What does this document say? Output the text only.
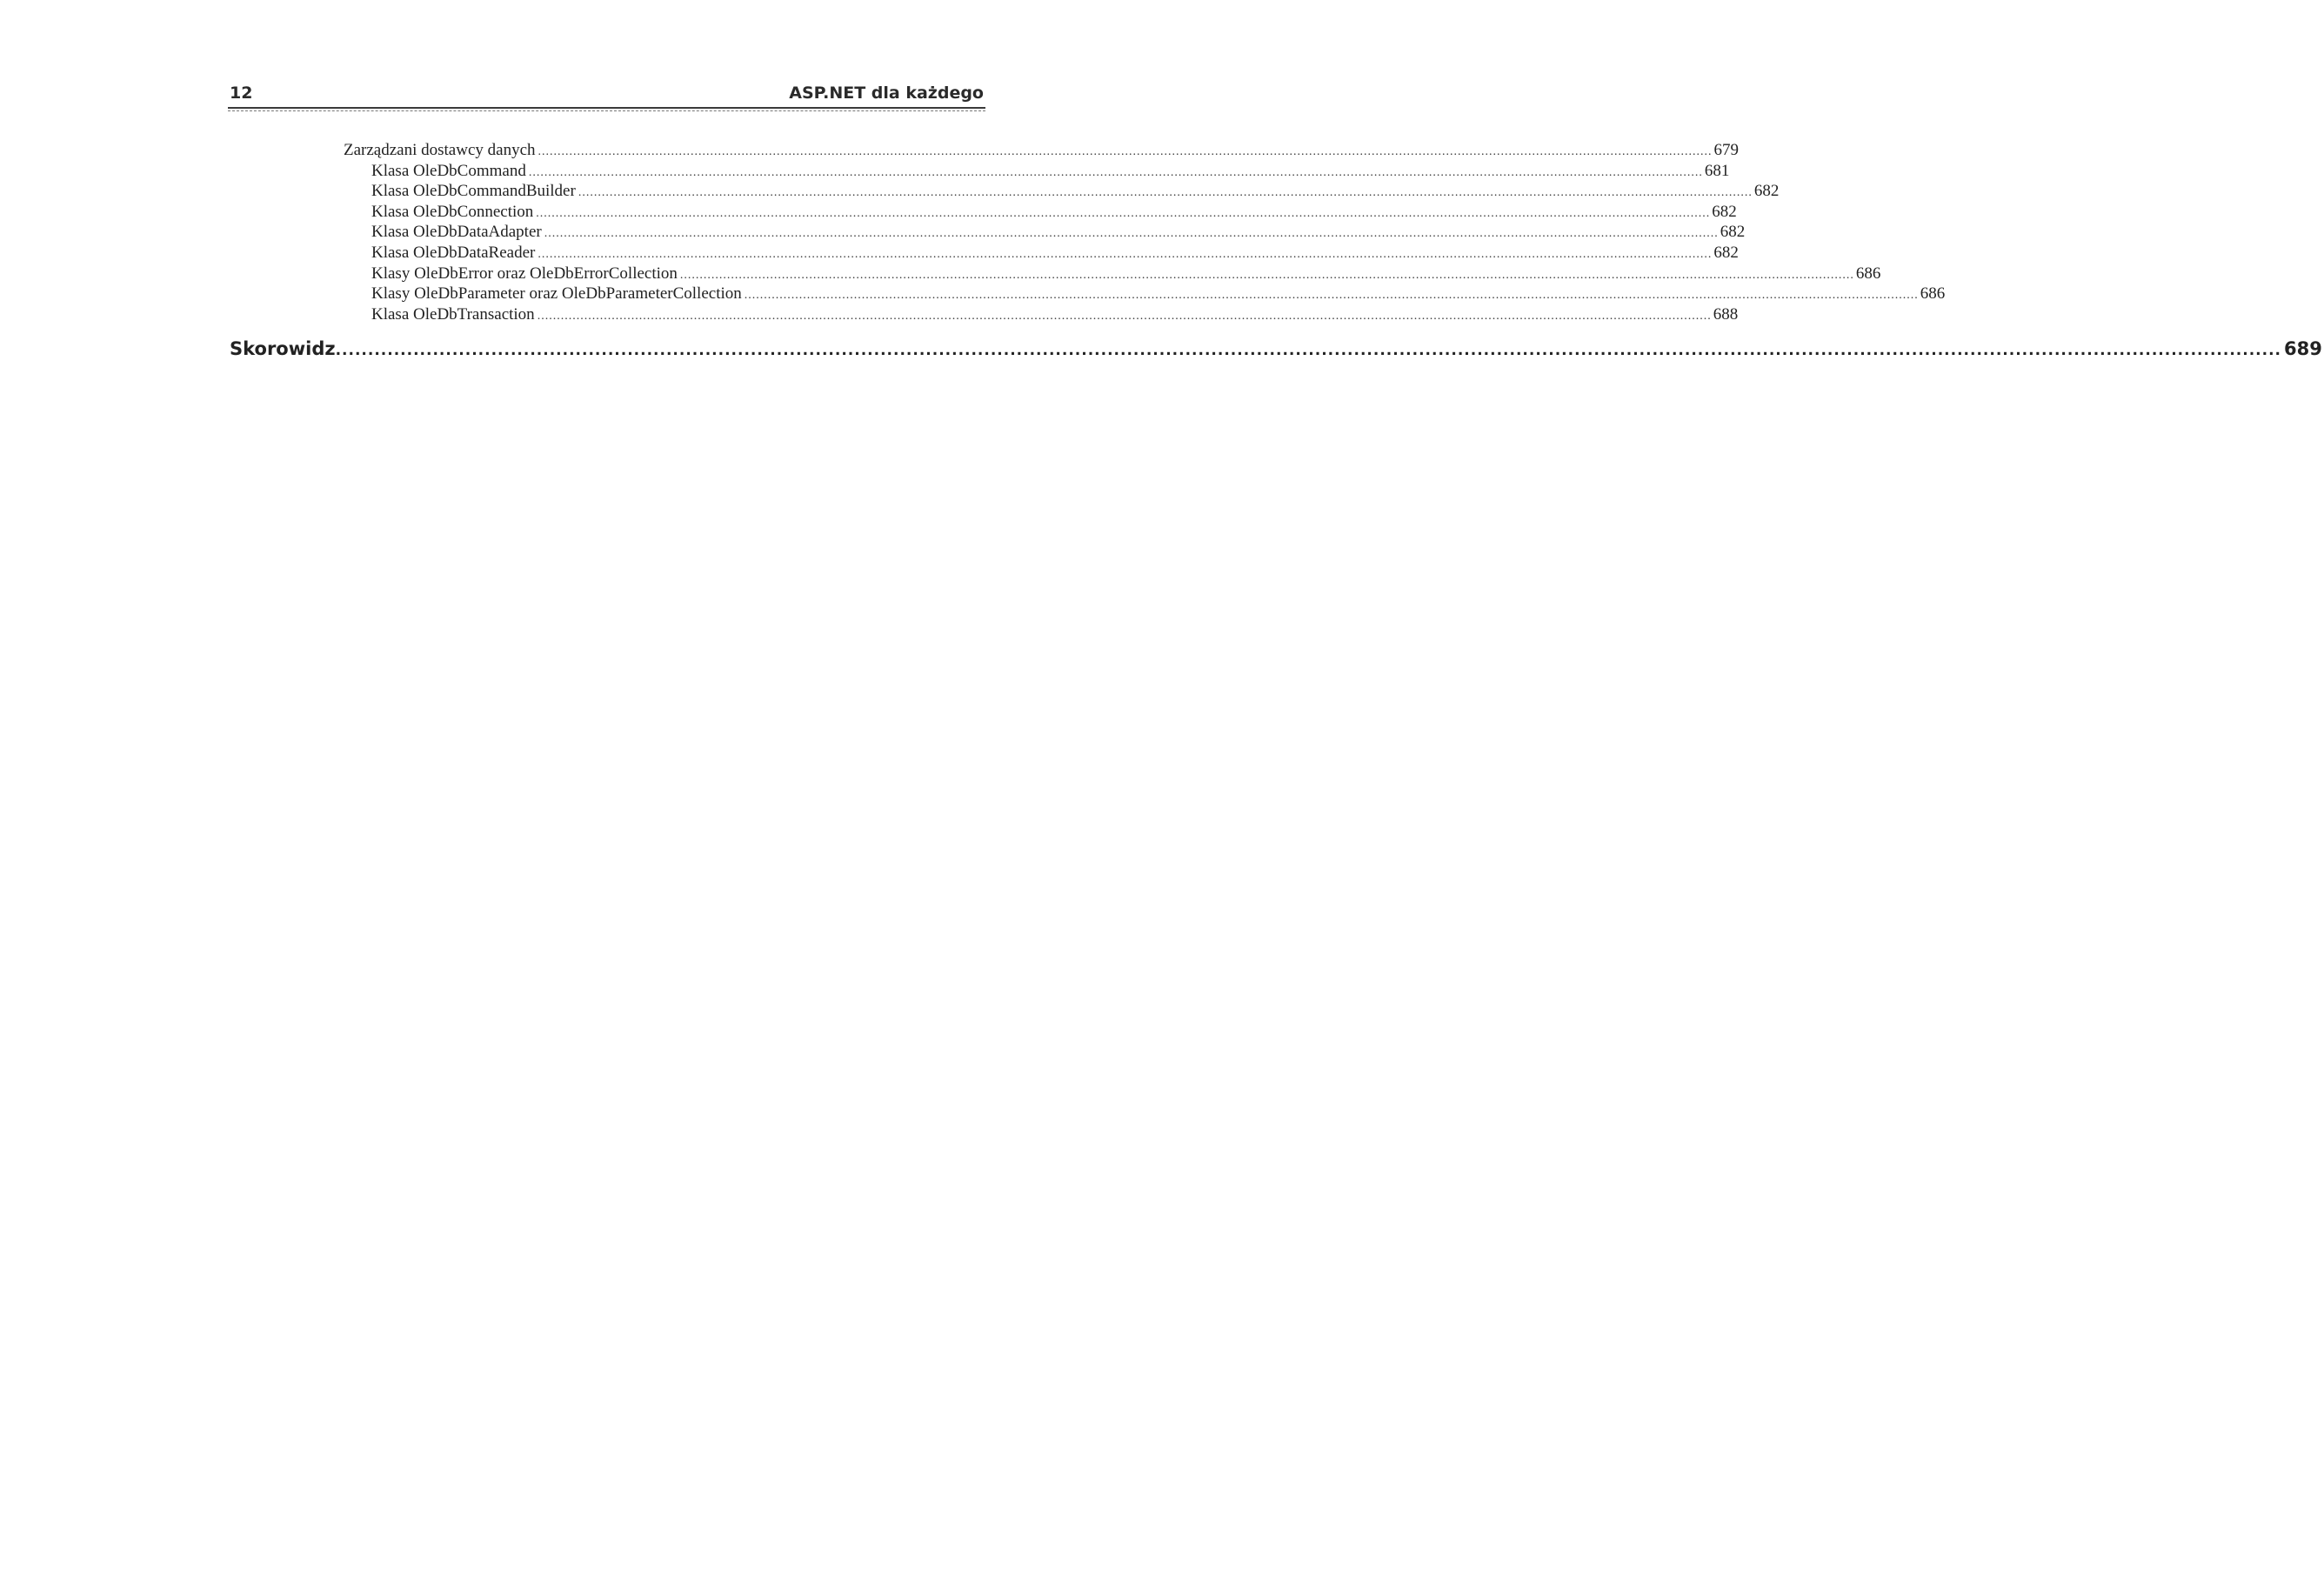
12	ASP.NET dla każdego
Zarządzani dostawcy danych ............................................................................................................................................................................................................................................................................................................ 679
Klasa OleDbCommand ............................................................................................................................................................................................................................................................................................................ 681
Klasa OleDbCommandBuilder ............................................................................................................................................................................................................................................................................................................ 682
Klasa OleDbConnection ............................................................................................................................................................................................................................................................................................................ 682
Klasa OleDbDataAdapter ............................................................................................................................................................................................................................................................................................................ 682
Klasa OleDbDataReader ............................................................................................................................................................................................................................................................................................................ 682
Klasy OleDbError oraz OleDbErrorCollection ............................................................................................................................................................................................................................................................................................................ 686
Klasy OleDbParameter oraz OleDbParameterCollection ............................................................................................................................................................................................................................................................................................................ 686
Klasa OleDbTransaction ............................................................................................................................................................................................................................................................................................................ 688
Skorowidz ............................................................................................................................................................................................................................................................................................................ 689
